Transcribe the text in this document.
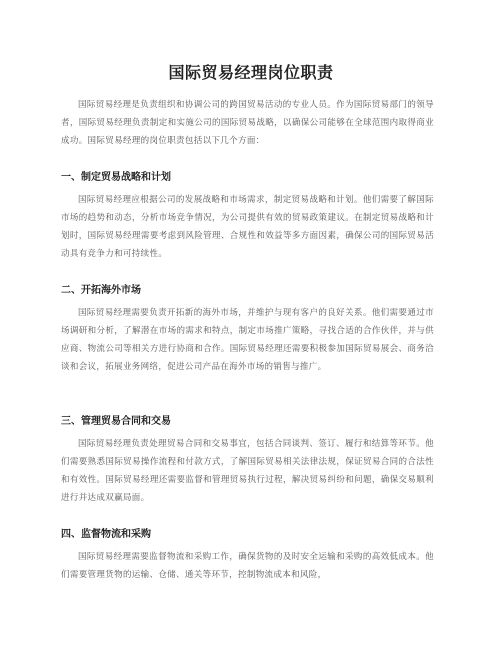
国际贸易经理岗位职责

国际贸易经理是负责组织和协调公司的跨国贸易活动的专业人员。作为国际贸易部门的领导者，国际贸易经理负责制定和实施公司的国际贸易战略，以确保公司能够在全球范围内取得商业成功。国际贸易经理的岗位职责包括以下几个方面：

一、制定贸易战略和计划

国际贸易经理应根据公司的发展战略和市场需求，制定贸易战略和计划。他们需要了解国际市场的趋势和动态，分析市场竞争情况，为公司提供有效的贸易政策建议。在制定贸易战略和计划时，国际贸易经理需要考虑到风险管理、合规性和效益等多方面因素，确保公司的国际贸易活动具有竞争力和可持续性。

二、开拓海外市场

国际贸易经理需要负责开拓新的海外市场，并维护与现有客户的良好关系。他们需要通过市场调研和分析，了解潜在市场的需求和特点，制定市场推广策略，寻找合适的合作伙伴，并与供应商、物流公司等相关方进行协商和合作。国际贸易经理还需要积极参加国际贸易展会、商务洽谈和会议，拓展业务网络，促进公司产品在海外市场的销售与推广。

三、管理贸易合同和交易

国际贸易经理负责处理贸易合同和交易事宜，包括合同谈判、签订、履行和结算等环节。他们需要熟悉国际贸易操作流程和付款方式，了解国际贸易相关法律法规，保证贸易合同的合法性和有效性。国际贸易经理还需要监督和管理贸易执行过程，解决贸易纠纷和问题，确保交易顺利进行并达成双赢局面。

四、监督物流和采购

国际贸易经理需要监督物流和采购工作，确保货物的及时安全运输和采购的高效低成本。他们需要管理货物的运输、仓储、通关等环节，控制物流成本和风险，
